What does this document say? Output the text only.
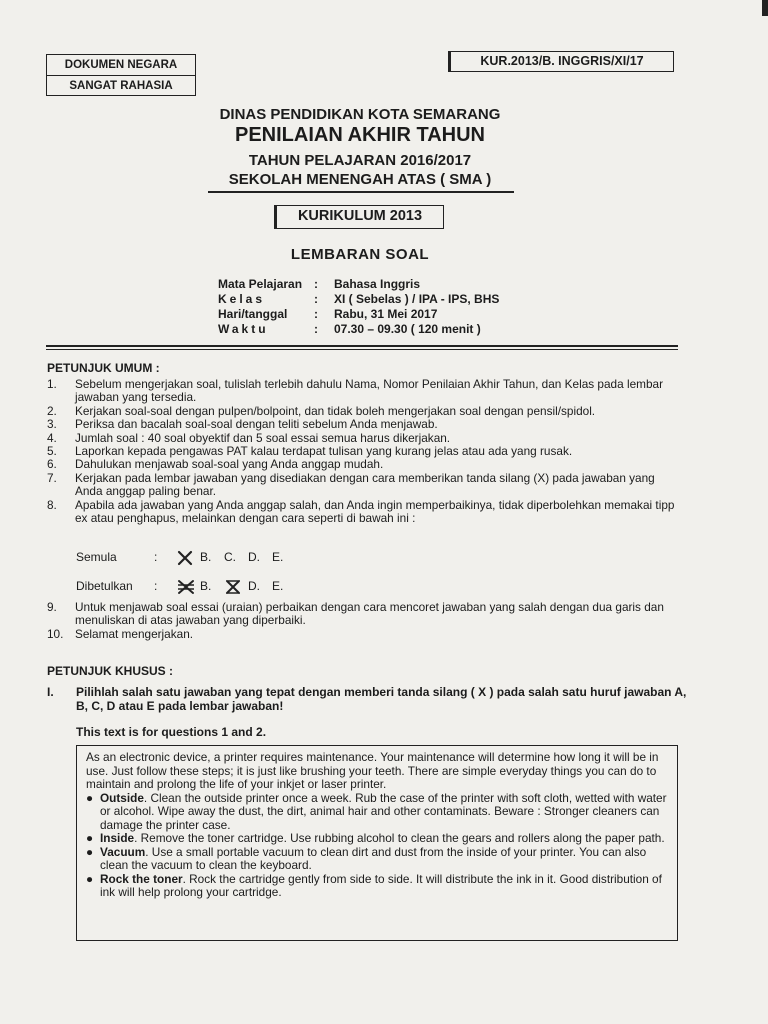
DOKUMEN NEGARA
SANGAT RAHASIA
KUR.2013/B. INGGRIS/XI/17
DINAS PENDIDIKAN KOTA SEMARANG
PENILAIAN AKHIR TAHUN
TAHUN PELAJARAN 2016/2017
SEKOLAH MENENGAH ATAS ( SMA )
KURIKULUM 2013
LEMBARAN SOAL
Mata Pelajaran :	Bahasa Inggris
Kelas	:	XI ( Sebelas ) / IPA - IPS, BHS
Hari/tanggal	:	Rabu, 31 Mei 2017
Waktu	:	07.30 – 09.30 ( 120 menit )
PETUNJUK UMUM :
1.	Sebelum mengerjakan soal, tulislah terlebih dahulu Nama, Nomor Penilaian Akhir Tahun, dan Kelas pada lembar jawaban yang tersedia.
2.	Kerjakan soal-soal dengan pulpen/bolpoint, dan tidak boleh mengerjakan soal dengan pensil/spidol.
3.	Periksa dan bacalah soal-soal dengan teliti sebelum Anda menjawab.
4.	Jumlah soal : 40 soal obyektif dan 5 soal essai semua harus dikerjakan.
5.	Laporkan kepada pengawas PAT kalau terdapat tulisan yang kurang jelas atau ada yang rusak.
6.	Dahulukan menjawab soal-soal yang Anda anggap mudah.
7.	Kerjakan pada lembar jawaban yang disediakan dengan cara memberikan tanda silang (X) pada jawaban yang Anda anggap paling benar.
8.	Apabila ada jawaban yang Anda anggap salah, dan Anda ingin memperbaikinya, tidak diperbolehkan memakai tipp ex atau penghapus, melainkan dengan cara seperti di bawah ini :
Semula	:	B.	C.	D.	E.
Dibetulkan	:	B.	D.	E.
9.	Untuk menjawab soal essai (uraian) perbaikan dengan cara mencoret jawaban yang salah dengan dua garis dan menuliskan di atas jawaban yang diperbaiki.
10. Selamat mengerjakan.
PETUNJUK KHUSUS :
I.	Pilihlah salah satu jawaban yang tepat dengan memberi tanda silang ( X ) pada salah satu huruf jawaban A, B, C, D atau E pada lembar jawaban!
This text is for questions 1 and 2.
As an electronic device, a printer requires maintenance. Your maintenance will determine how long it will be in use. Just follow these steps; it is just like brushing your teeth. There are simple everyday things you can do to maintain and prolong the life of your inkjet or laser printer.
● Outside. Clean the outside printer once a week. Rub the case of the printer with soft cloth, wetted with water or alcohol. Wipe away the dust, the dirt, animal hair and other contaminats. Beware : Stronger cleaners can damage the printer case.
● Inside. Remove the toner cartridge. Use rubbing alcohol to clean the gears and rollers along the paper path.
● Vacuum. Use a small portable vacuum to clean dirt and dust from the inside of your printer. You can also clean the vacuum to clean the keyboard.
● Rock the toner. Rock the cartridge gently from side to side. It will distribute the ink in it. Good distribution of ink will help prolong your cartridge.
